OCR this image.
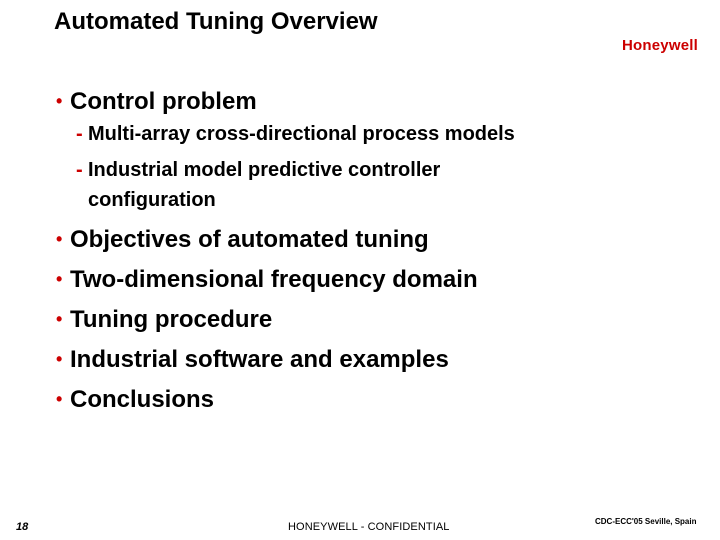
Automated Tuning Overview
Honeywell
• Control problem
- Multi-array cross-directional process models
- Industrial model predictive controller
configuration
• Objectives of automated tuning
• Two-dimensional frequency domain
• Tuning procedure
• Industrial software and examples
• Conclusions
18	HONEYWELL - CONFIDENTIAL	CDC-ECC'05 Seville, Spain
